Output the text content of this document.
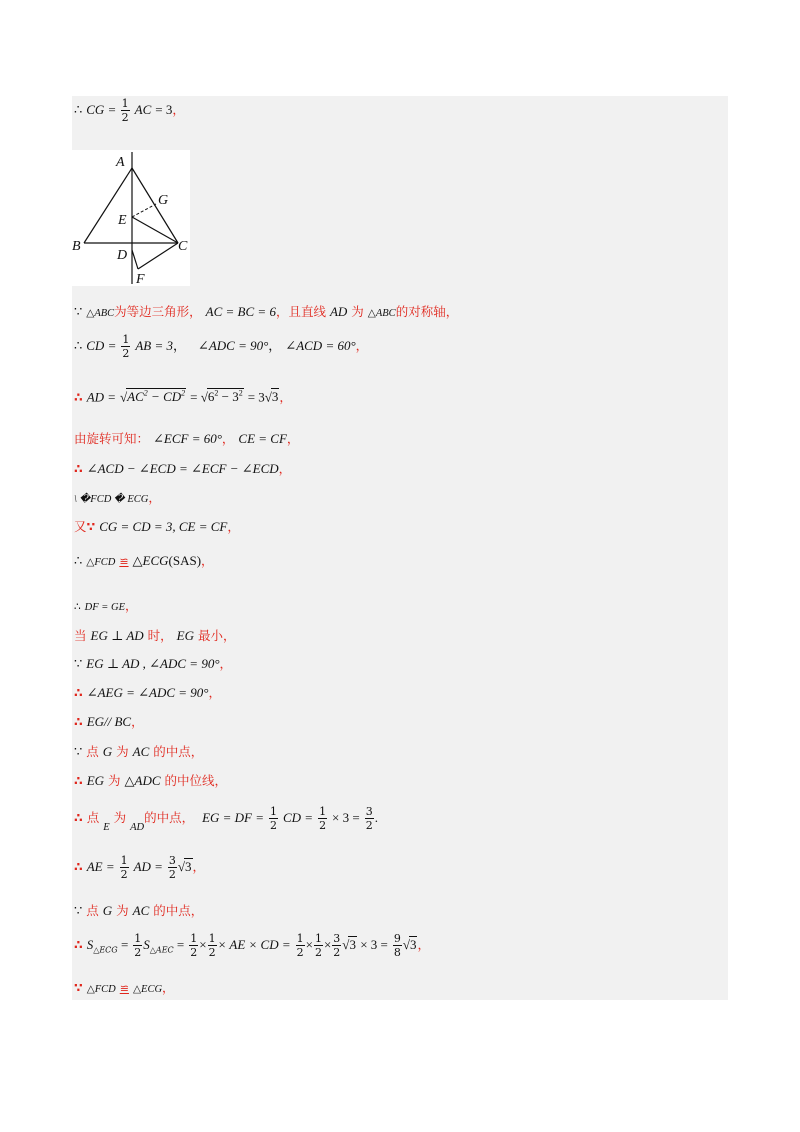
∴ CG = $\frac{1}{2}$ AC = 3，
A
G
E
B
D
C
F
∵ △ABC为等边三角形， AC = BC = 6，且直线 AD 为 △ABC的对称轴，
∴ CD = $\frac{1}{2}$ AB = 3， ∠ADC = 90°， ∠ACD = 60°，
∴ AD = $√AC^2 - CD^2 = √6^2 - 3^2 = 3√3$，
由旋转可知： ∠ECF = 60°， CE = CF，
∴ ∠ACD − ∠ECD = ∠ECF − ∠ECD，
\ �FCD � ECG，
又∵ CG = CD = 3, CE = CF，
∴ △FCD ≌ △ECG(SAS)，
∴ DF = GE，
当 EG ⊥ AD 时， EG 最小，
∵ EG ⊥ AD , ∠ADC = 90°，
∴ ∠AEG = ∠ADC = 90°，
∴ EG// BC，
∵ 点 G 为 AC 的中点，
∴ EG 为 △ADC 的中位线，
∴ 点 $_E$ 为 $_{AD}$的中点， EG = DF = $\frac{1}{2}$ CD = $\frac{1}{2} \times 3 = \frac{3}{2}$ .
∴ AE = $\frac{1}{2}$ AD = $\frac{3}{2} √3$，
∵ 点 G 为 AC 的中点，
∴ $S_{\triangle ECG} = \frac{1}{2} S_{\triangle AEC} = \frac{1}{2} \times \frac{1}{2}$ × AE × CD = $\frac{1}{2} \times \frac{1}{2} \times \frac{3}{2} √3 \times 3 = \frac{9}{8} √3$，
∵ △FCD ≌ △ECG，
